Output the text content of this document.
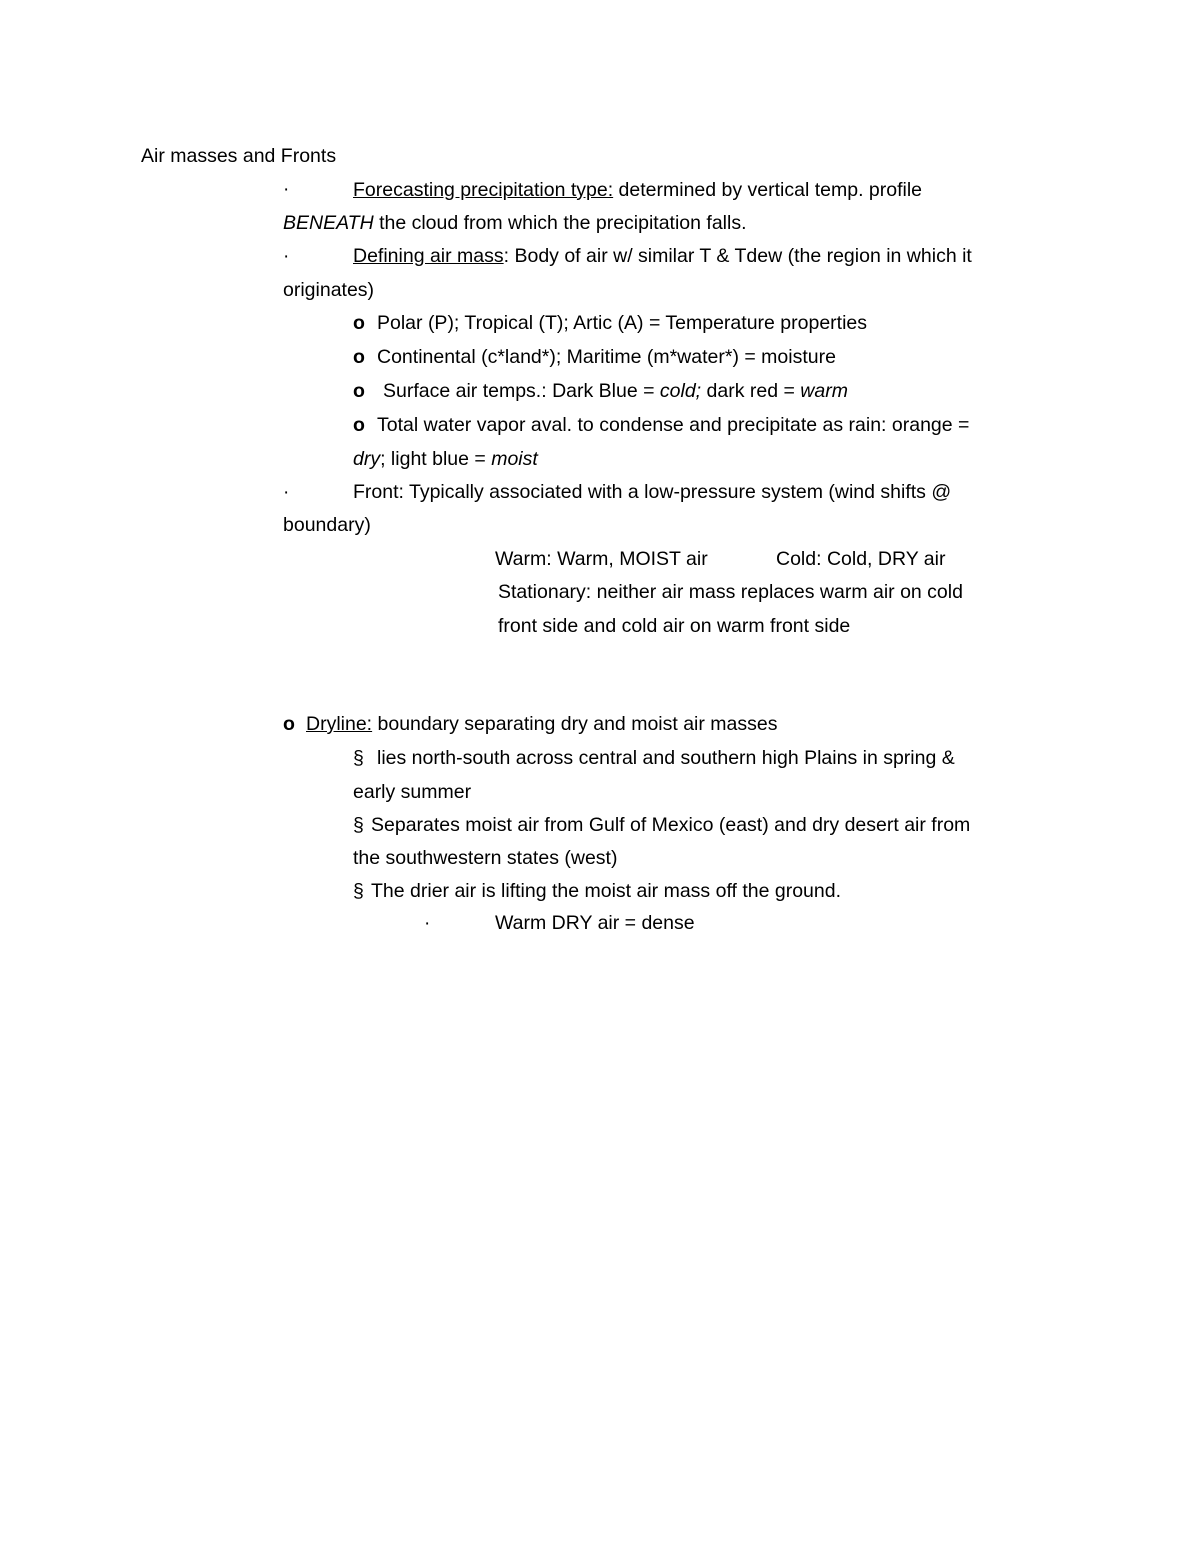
Air masses and Fronts
·	Forecasting precipitation type: determined by vertical temp. profile
BENEATH the cloud from which the precipitation falls.
·	Defining air mass: Body of air w/ similar T & Tdew (the region in which it
originates)
o Polar (P); Tropical (T); Artic (A) = Temperature properties
o Continental (c*land*); Maritime (m*water*) = moisture
o Surface air temps.: Dark Blue = cold; dark red = warm
o Total water vapor aval. to condense and precipitate as rain: orange =
dry; light blue = moist
·	Front: Typically associated with a low-pressure system (wind shifts @
boundary)
Warm: Warm, MOIST air	Cold: Cold, DRY air
Stationary: neither air mass replaces warm air on cold
front side and cold air on warm front side
o Dryline: boundary separating dry and moist air masses
§ lies north-south across central and southern high Plains in spring &
early summer
§ Separates moist air from Gulf of Mexico (east) and dry desert air from
the southwestern states (west)
§ The drier air is lifting the moist air mass off the ground.
·	Warm DRY air = dense
